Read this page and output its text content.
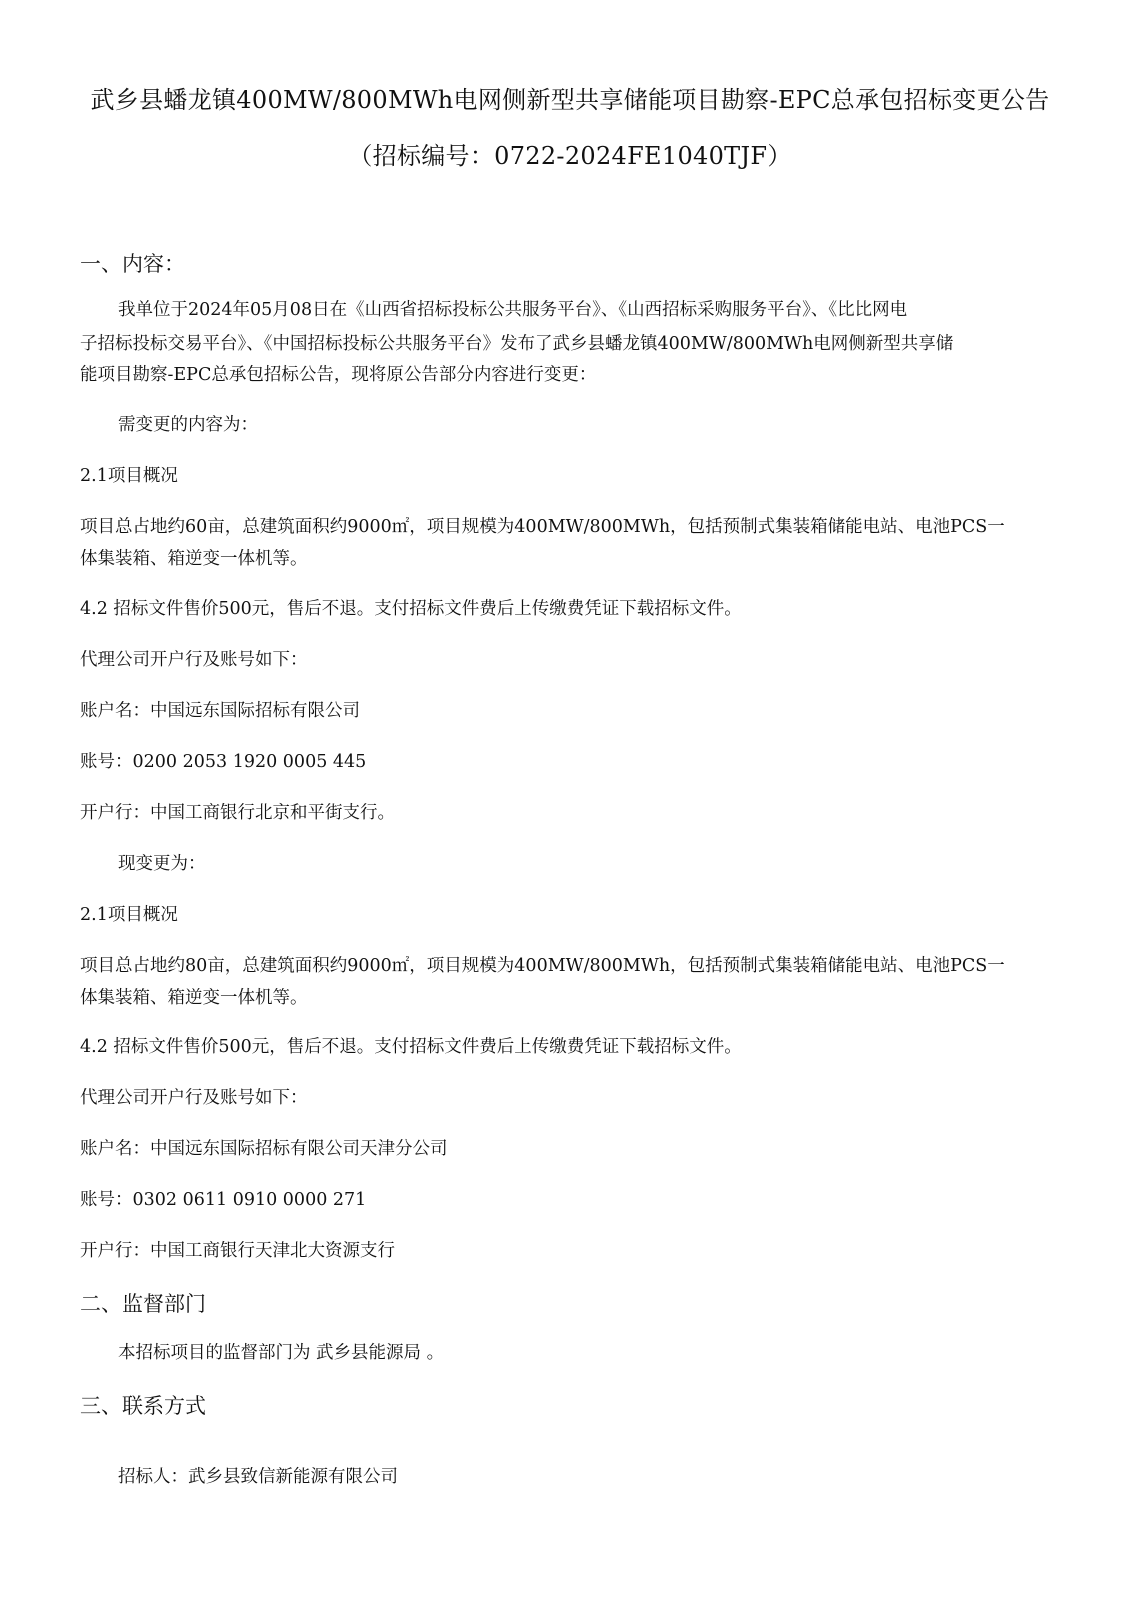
武乡县蟠龙镇400MW/800MWh电网侧新型共享储能项目勘察-EPC总承包招标变更公告
（招标编号：0722-2024FE1040TJF）
一、内容：
我单位于2024年05月08日在《山西省招标投标公共服务平台》、《山西招标采购服务平台》、《比比网电
子招标投标交易平台》、《中国招标投标公共服务平台》发布了武乡县蟠龙镇400MW/800MWh电网侧新型共享储
能项目勘察-EPC总承包招标公告，现将原公告部分内容进行变更：
需变更的内容为：
2.1项目概况
项目总占地约60亩，总建筑面积约9000㎡，项目规模为400MW/800MWh，包括预制式集装箱储能电站、电池PCS一
体集装箱、箱逆变一体机等。
4.2 招标文件售价500元，售后不退。支付招标文件费后上传缴费凭证下载招标文件。
代理公司开户行及账号如下：
账户名：中国远东国际招标有限公司
账号：0200 2053 1920 0005 445
开户行：中国工商银行北京和平街支行。
现变更为：
2.1项目概况
项目总占地约80亩，总建筑面积约9000㎡，项目规模为400MW/800MWh，包括预制式集装箱储能电站、电池PCS一
体集装箱、箱逆变一体机等。
4.2 招标文件售价500元，售后不退。支付招标文件费后上传缴费凭证下载招标文件。
代理公司开户行及账号如下：
账户名：中国远东国际招标有限公司天津分公司
账号：0302 0611 0910 0000 271
开户行：中国工商银行天津北大资源支行
二、监督部门
本招标项目的监督部门为 武乡县能源局 。
三、联系方式
招标人：武乡县致信新能源有限公司
